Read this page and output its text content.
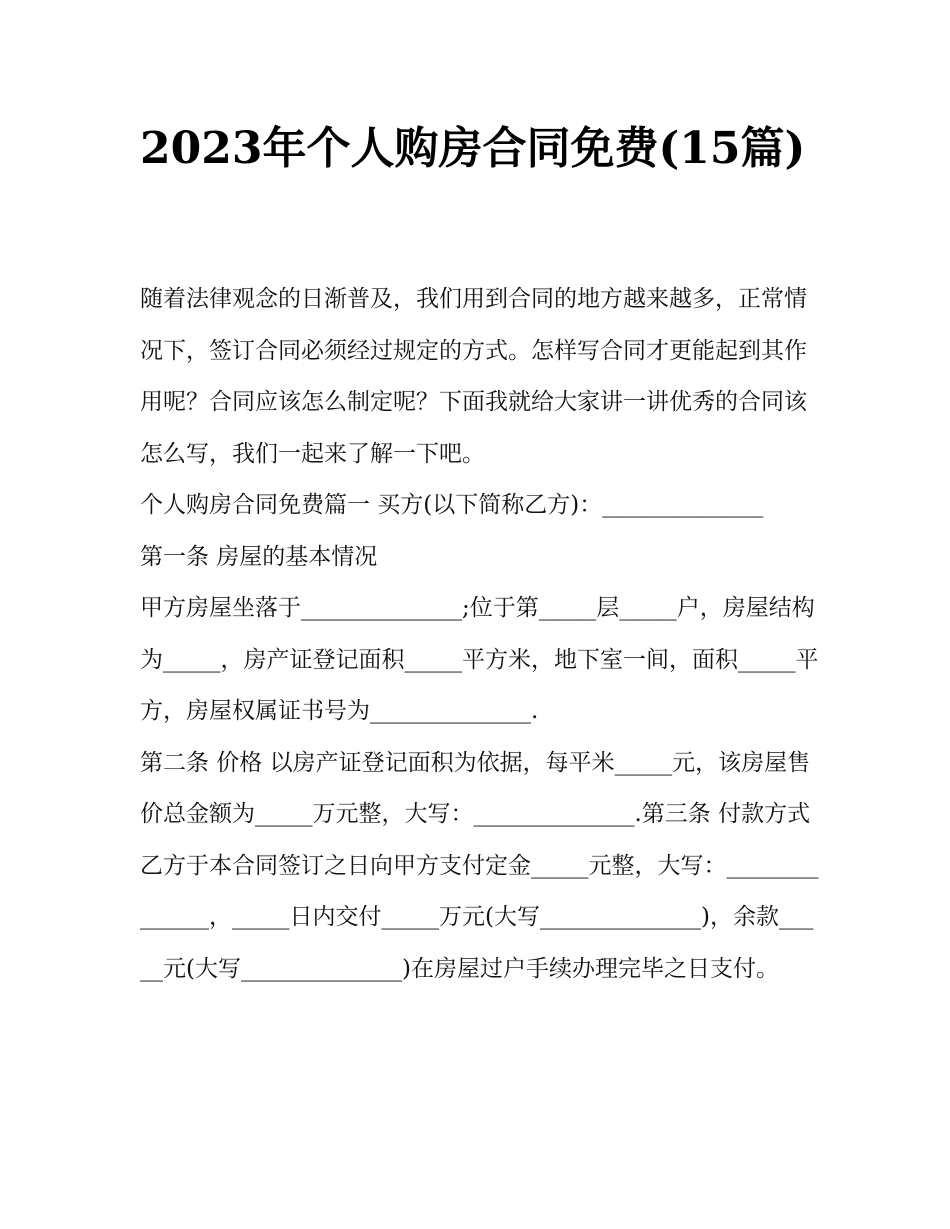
2023年个人购房合同免费(15篇)

随着法律观念的日渐普及，我们用到合同的地方越来越多，正常情况下，签订合同必须经过规定的方式。怎样写合同才更能起到其作用呢？合同应该怎么制定呢？下面我就给大家讲一讲优秀的合同该怎么写，我们一起来了解一下吧。

个人购房合同免费篇一 买方(以下简称乙方)：______________

第一条 房屋的基本情况

甲方房屋坐落于______________;位于第_____层_____户，房屋结构为_____，房产证登记面积_____平方米，地下室一间，面积_____平方，房屋权属证书号为______________.

第二条 价格 以房产证登记面积为依据，每平米_____元，该房屋售价总金额为_____万元整，大写：______________.第三条 付款方式

乙方于本合同签订之日向甲方支付定金_____元整，大写：______________，_____日内交付_____万元(大写______________)，余款_____元(大写______________)在房屋过户手续办理完毕之日支付。
